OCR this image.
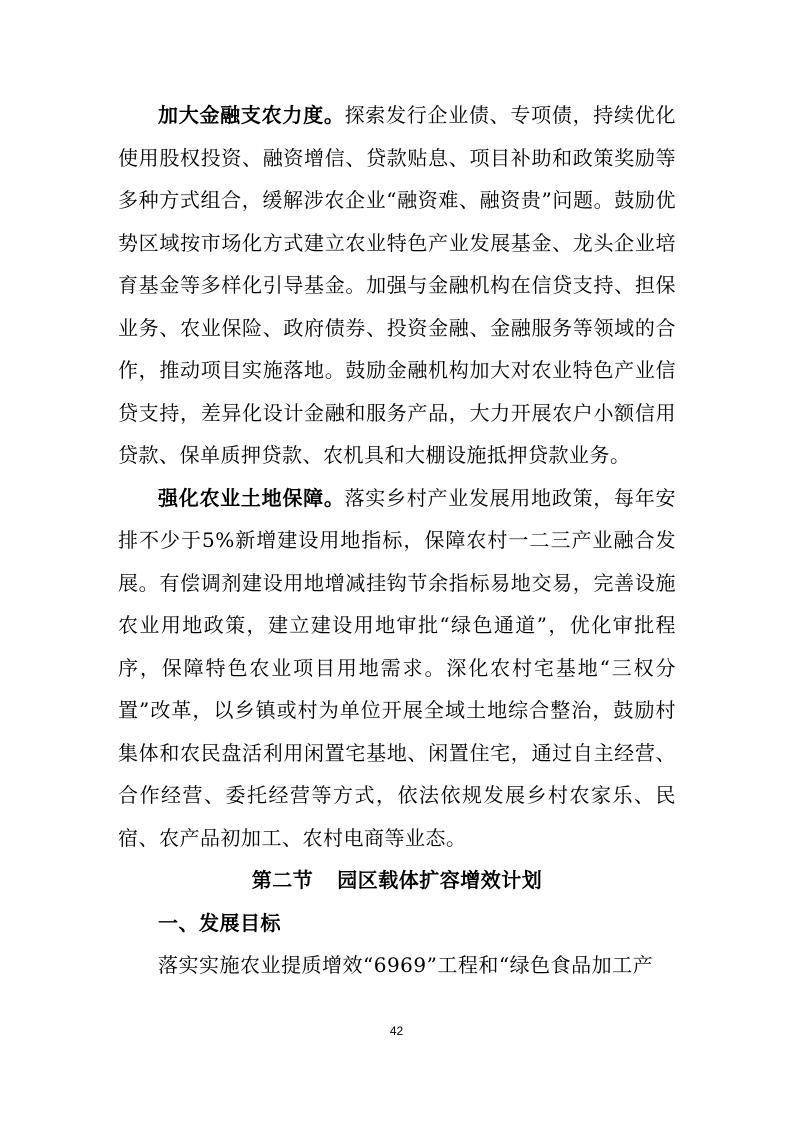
加大金融支农力度。探索发行企业债、专项债，持续优化使用股权投资、融资增信、贷款贴息、项目补助和政策奖励等多种方式组合，缓解涉农企业“融资难、融资贵”问题。鼓励优势区域按市场化方式建立农业特色产业发展基金、龙头企业培育基金等多样化引导基金。加强与金融机构在信贷支持、担保业务、农业保险、政府债券、投资金融、金融服务等领域的合作，推动项目实施落地。鼓励金融机构加大对农业特色产业信贷支持，差异化设计金融和服务产品，大力开展农户小额信用贷款、保单质押贷款、农机具和大棚设施抵押贷款业务。

强化农业土地保障。落实乡村产业发展用地政策，每年安排不少于5%新增建设用地指标，保障农村一二三产业融合发展。有偿调剂建设用地增减挂钩节余指标易地交易，完善设施农业用地政策，建立建设用地审批“绿色通道”，优化审批程序，保障特色农业项目用地需求。深化农村宅基地“三权分置”改革，以乡镇或村为单位开展全域土地综合整治，鼓励村集体和农民盘活利用闲置宅基地、闲置住宅，通过自主经营、合作经营、委托经营等方式，依法依规发展乡村农家乐、民宿、农产品初加工、农村电商等业态。

第二节 园区载体扩容增效计划

一、发展目标

落实实施农业提质增效“6969”工程和“绿色食品加工产

42
